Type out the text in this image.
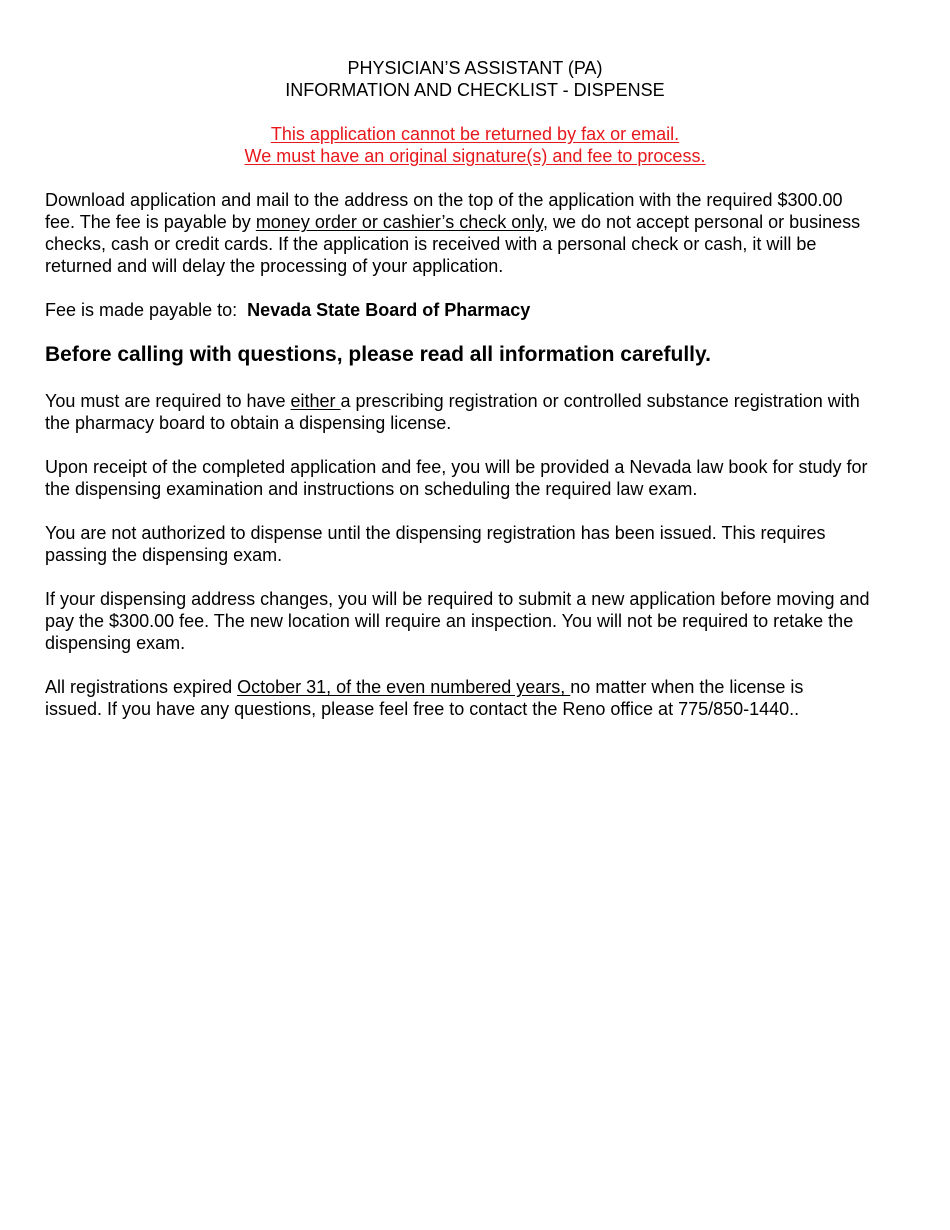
PHYSICIAN’S ASSISTANT (PA)
INFORMATION AND CHECKLIST - DISPENSE
This application cannot be returned by fax or email.
We must have an original signature(s) and fee to process.

Download application and mail to the address on the top of the application with the required $300.00
fee. The fee is payable by money order or cashier’s check only, we do not accept personal or business
checks, cash or credit cards. If the application is received with a personal check or cash, it will be
returned and will delay the processing of your application.

Fee is made payable to: Nevada State Board of Pharmacy

Before calling with questions, please read all information carefully.

You must are required to have either a prescribing registration or controlled substance registration with
the pharmacy board to obtain a dispensing license.

Upon receipt of the completed application and fee, you will be provided a Nevada law book for study for
the dispensing examination and instructions on scheduling the required law exam.

You are not authorized to dispense until the dispensing registration has been issued. This requires
passing the dispensing exam.

If your dispensing address changes, you will be required to submit a new application before moving and
pay the $300.00 fee. The new location will require an inspection. You will not be required to retake the
dispensing exam.

All registrations expired October 31, of the even numbered years, no matter when the license is
issued. If you have any questions, please feel free to contact the Reno office at 775/850-1440..
